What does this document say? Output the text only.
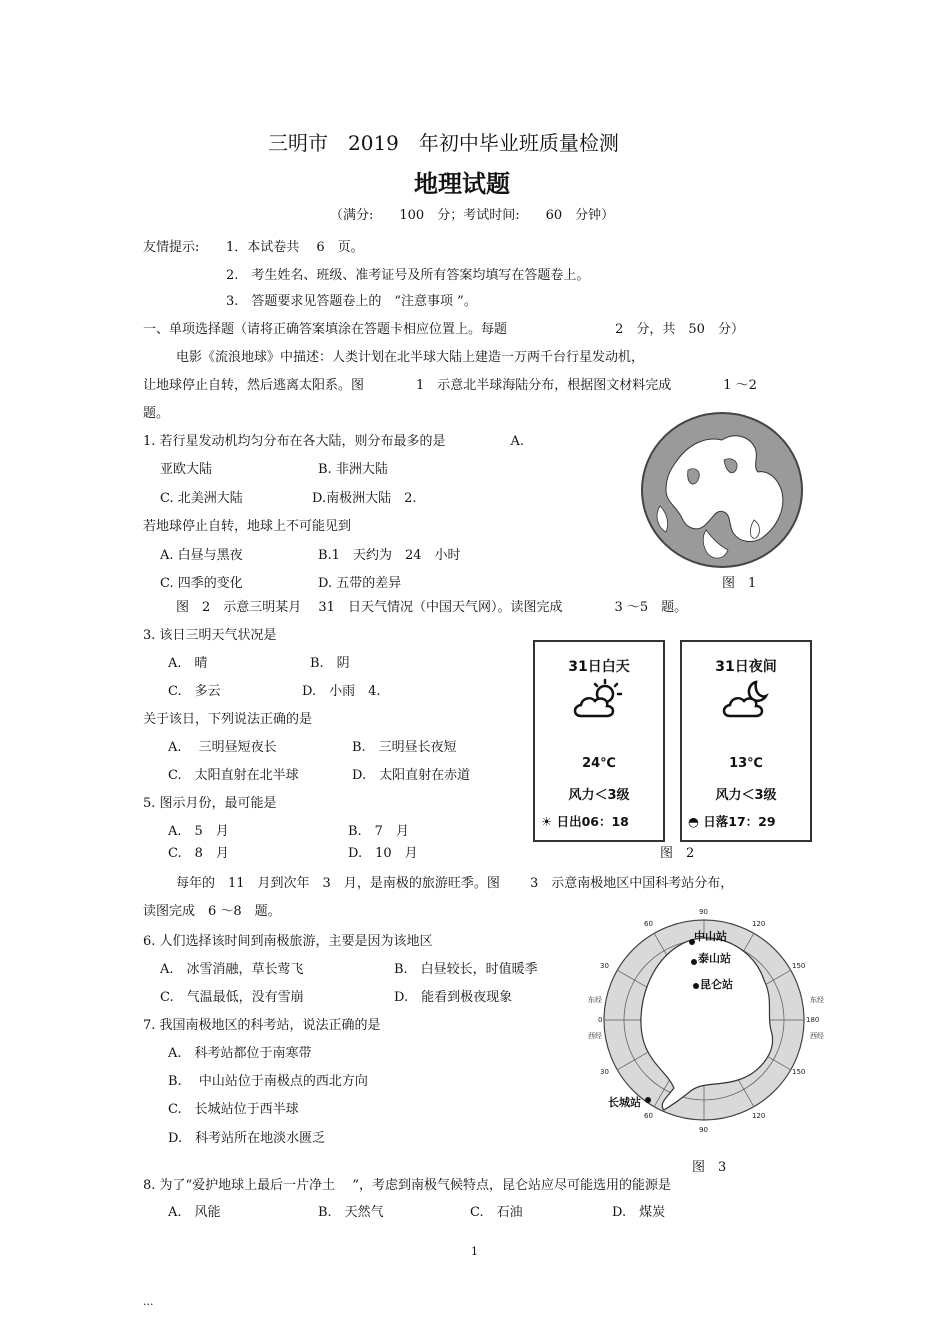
三明市　2019　年初中毕业班质量检测
地理试题
（满分:　　100　分；考试时间:　　60　分钟）
友情提示: 1．本试卷共　 6　页。
2.　考生姓名、班级、准考证号及所有答案均填写在答题卷上。
3.　答题要求见答题卷上的　“注意事项 ”。
一、单项选择题（请将正确答案填涂在答题卡相应位置上。每题　　　　　　　　 2　分，共　50　分）
电影《流浪地球》中描述：人类计划在北半球大陆上建造一万两千台行星发动机，
让地球停止自转，然后逃离太阳系。图　　　　1　示意北半球海陆分布，根据图文材料完成　　　　1 ～2
题。
1. 若行星发动机均匀分布在各大陆，则分布最多的是　　　　　A.
亚欧大陆	B. 非洲大陆
C. 北美洲大陆	D.南极洲大陆　2.
若地球停止自转，地球上不可能见到
A. 白昼与黑夜	B.1　天约为　24　小时
C. 四季的变化	D. 五带的差异	图　1
图　2　示意三明某月　 31　日天气情况（中国天气网）。读图完成　　　　3 ～5　题。
3. 该日三明天气状况是
A.　晴	B.　阴
C.　多云	D.　小雨　4.
关于该日，下列说法正确的是
A.　 三明昼短夜长	B.　三明昼长夜短
C.　太阳直射在北半球	D.　太阳直射在赤道
5. 图示月份，最可能是
A.　5　月	B.　7　月
C.　8　月	D.　10　月
31日白天
24℃
风力＜3级
☀ 日出06：18
31日夜间
13℃
风力＜3级
◓ 日落17：29
图　2
每年的　11　月到次年　3　月，是南极的旅游旺季。图　　 3　示意南极地区中国科考站分布，
读图完成　6 ～8　题。
6. 人们选择该时间到南极旅游，主要是因为该地区
A.　冰雪消融，草长莺飞	B.　白昼较长，时值暖季
C.　气温最低，没有雪崩	D.　能看到极夜现象
7. 我国南极地区的科考站，说法正确的是
A.　科考站都位于南寒带
B.　 中山站位于南极点的西北方向
C.　长城站位于西半球
D.　科考站所在地淡水匮乏
中山站
泰山站
昆仑站
长城站
90
60	120
30	150
180
0
30	150
60	120
90
东经
西经
东经
西经
图　3
8. 为了“爱护地球上最后一片净土　 ”，考虑到南极气候特点，昆仑站应尽可能选用的能源是
A.　风能	B.　天然气	C.　石油	D.　煤炭
1
...
